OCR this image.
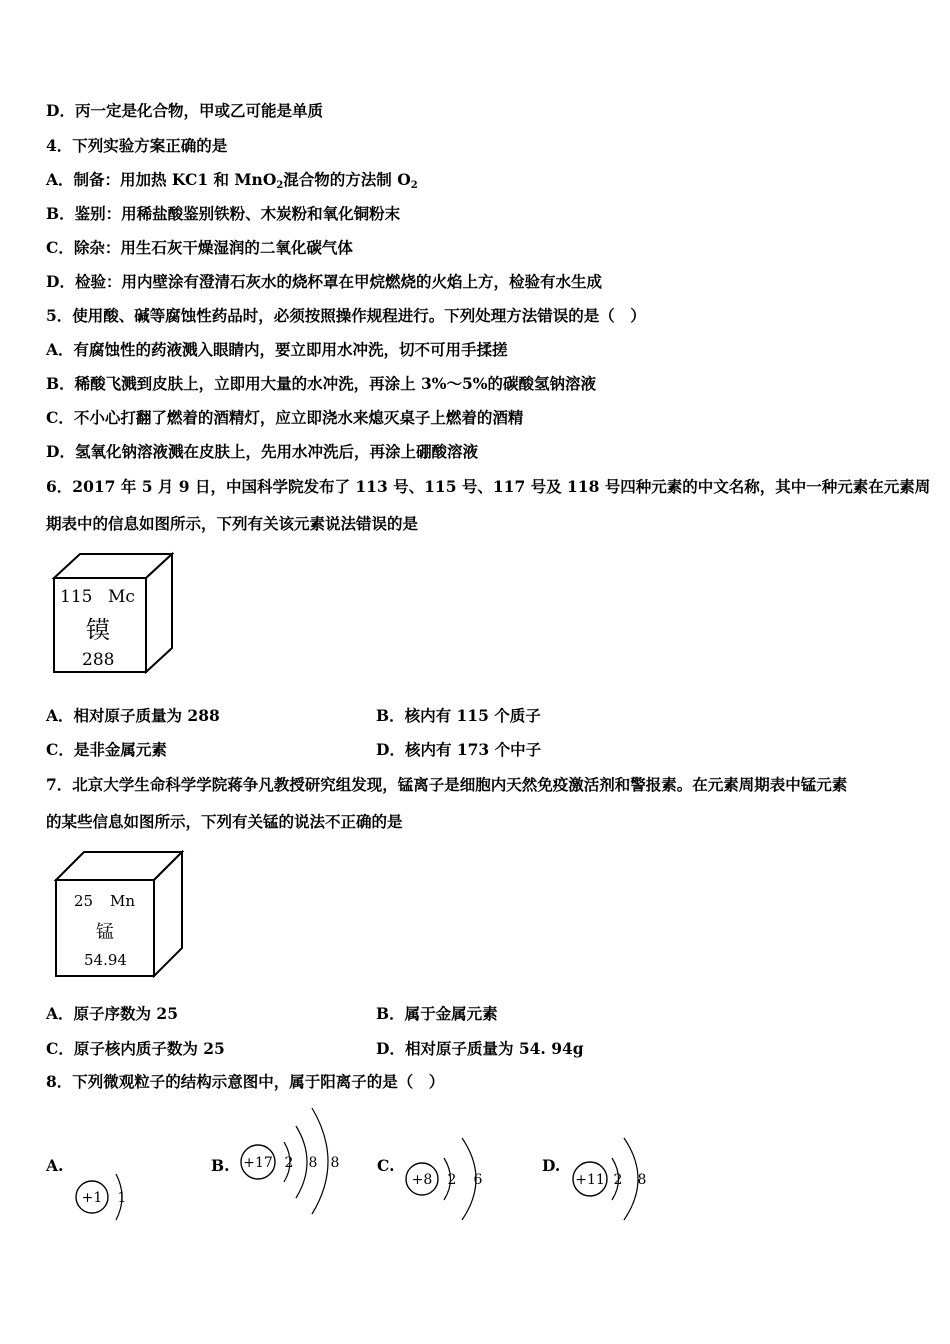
D．丙一定是化合物，甲或乙可能是单质
4．下列实验方案正确的是
A．制备：用加热 KC1 和 MnO$_2$混合物的方法制 $O_2$
B．鉴别：用稀盐酸鉴别铁粉、木炭粉和氧化铜粉末
C．除杂：用生石灰干燥湿润的二氧化碳气体
D．检验：用内壁涂有澄清石灰水的烧杯罩在甲烷燃烧的火焰上方，检验有水生成
5．使用酸、碱等腐蚀性药品时，必须按照操作规程进行。下列处理方法错误的是（　）
A．有腐蚀性的药液溅入眼睛内，要立即用水冲洗，切不可用手揉搓
B．稀酸飞溅到皮肤上，立即用大量的水冲洗，再涂上 3%～5%的碳酸氢钠溶液
C．不小心打翻了燃着的酒精灯，应立即浇水来熄灭桌子上燃着的酒精
D．氢氧化钠溶液溅在皮肤上，先用水冲洗后，再涂上硼酸溶液
6．2017 年 5 月 9 日，中国科学院发布了 113 号、115 号、117 号及 118 号四种元素的中文名称，其中一种元素在元素周
期表中的信息如图所示，下列有关该元素说法错误的是
115 Mc
镆
288
A．相对原子质量为 288	B．核内有 115 个质子
C．是非金属元素	D．核内有 173 个中子
7．北京大学生命科学学院蒋争凡教授研究组发现，锰离子是细胞内天然免疫激活剂和警报素。在元素周期表中锰元素
的某些信息如图所示，下列有关锰的说法不正确的是
25 Mn
锰
54.94
A．原子序数为 25	B．属于金属元素
C．原子核内质子数为 25	D．相对原子质量为 54. 94g
8．下列微观粒子的结构示意图中，属于阳离子的是（　）
A.
+1 1
B. +17 2 8 8 C.
+8 2 6
D.
+11 2 8
